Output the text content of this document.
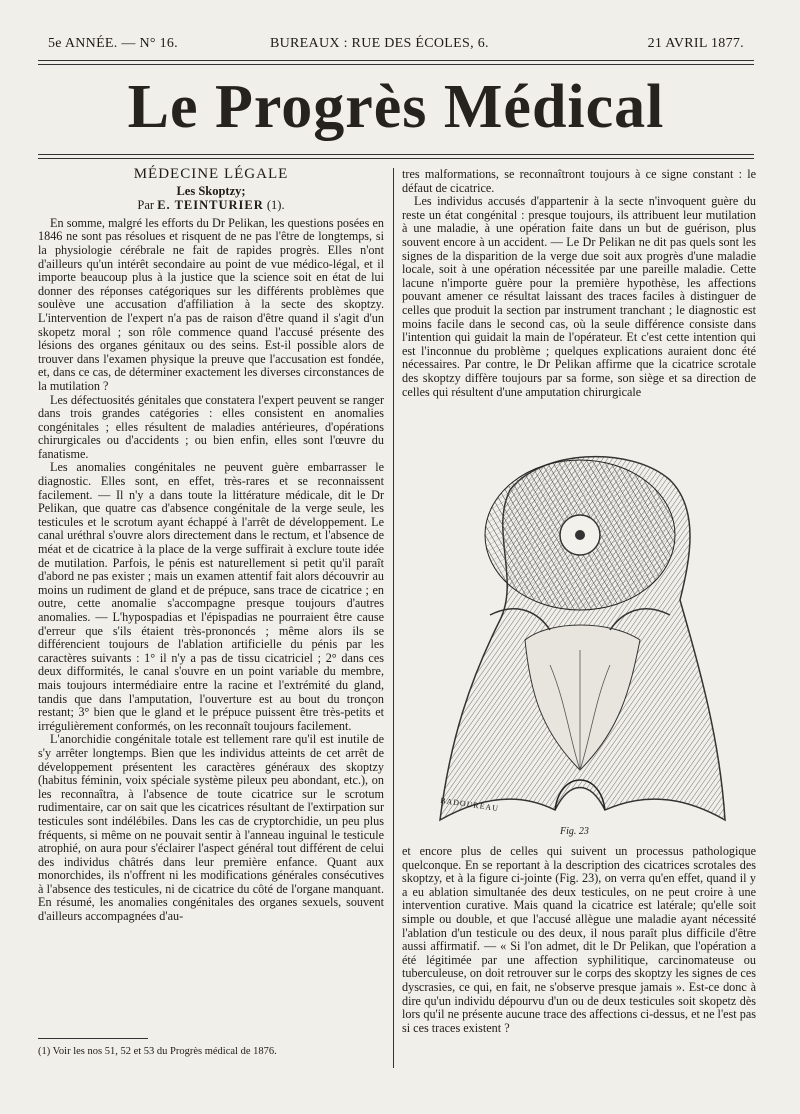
5e ANNÉE. — N° 16.	BUREAUX : RUE DES ÉCOLES, 6.	21 AVRIL 1877.
Le Progrès Médical
MÉDECINE LÉGALE
Les Skoptzy;
Par E. TEINTURIER (1).

En somme, malgré les efforts du Dr Pelikan, les questions posées en 1846 ne sont pas résolues et risquent de ne pas l'être de longtemps, si la physiologie cérébrale ne fait de rapides progrès. Elles n'ont d'ailleurs qu'un intérêt secondaire au point de vue médico-légal, et il importe beaucoup plus à la justice que la science soit en état de lui donner des réponses catégoriques sur les différents problèmes que soulève une accusation d'affiliation à la secte des skoptzy. L'intervention de l'expert n'a pas de raison d'être quand il s'agit d'un skopetz moral ; son rôle commence quand l'accusé présente des lésions des organes génitaux ou des seins. Est-il possible alors de trouver dans l'examen physique la preuve que l'accusation est fondée, et, dans ce cas, de déterminer exactement les diverses circonstances de la mutilation ?

Les défectuosités génitales que constatera l'expert peuvent se ranger dans trois grandes catégories : elles consistent en anomalies congénitales ; elles résultent de maladies antérieures, d'opérations chirurgicales ou d'accidents ; ou bien enfin, elles sont l'œuvre du fanatisme.

Les anomalies congénitales ne peuvent guère embarrasser le diagnostic. Elles sont, en effet, très-rares et se reconnaissent facilement. — Il n'y a dans toute la littérature médicale, dit le Dr Pelikan, que quatre cas d'absence congénitale de la verge seule, les testicules et le scrotum ayant échappé à l'arrêt de développement. Le canal uréthral s'ouvre alors directement dans le rectum, et l'absence de méat et de cicatrice à la place de la verge suffirait à exclure toute idée de mutilation. Parfois, le pénis est naturellement si petit qu'il paraît d'abord ne pas exister ; mais un examen attentif fait alors découvrir au moins un rudiment de gland et de prépuce, sans trace de cicatrice ; en outre, cette anomalie s'accompagne presque toujours d'autres anomalies. — L'hypospadias et l'épispadias ne pourraient être cause d'erreur que s'ils étaient très-prononcés ; même alors ils se différencient toujours de l'ablation artificielle du pénis par les caractères suivants : 1° il n'y a pas de tissu cicatriciel ; 2° dans ces deux difformités, le canal s'ouvre en un point variable du membre, mais toujours intermédiaire entre la racine et l'extrémité du gland, tandis que dans l'amputation, l'ouverture est au bout du tronçon restant; 3° bien que le gland et le prépuce puissent être très-petits et irrégulièrement conformés, on les reconnaît toujours facilement.

L'anorchidie congénitale totale est tellement rare qu'il est inutile de s'y arrêter longtemps. Bien que les individus atteints de cet arrêt de développement présentent les caractères généraux des skoptzy (habitus féminin, voix spéciale système pileux peu abondant, etc.), on les reconnaîtra, à l'absence de toute cicatrice sur le scrotum rudimentaire, car on sait que les cicatrices résultant de l'extirpation sur testicules sont indélébiles. Dans les cas de cryptorchidie, un peu plus fréquents, si même on ne pouvait sentir à l'anneau inguinal le testicule atrophié, on aura pour s'éclairer l'aspect général tout différent de celui des individus châtrés dans leur première enfance. Quant aux monorchides, ils n'offrent ni les modifications générales consécutives à l'absence des testicules, ni de cicatrice du côté de l'organe manquant. En résumé, les anomalies congénitales des organes sexuels, souvent d'ailleurs accompagnées d'au-

tres malformations, se reconnaîtront toujours à ce signe constant : le défaut de cicatrice.

Les individus accusés d'appartenir à la secte n'invoquent guère du reste un état congénital : presque toujours, ils attribuent leur mutilation à une maladie, à une opération faite dans un but de guérison, plus souvent encore à un accident. — Le Dr Pelikan ne dit pas quels sont les signes de la disparition de la verge due soit aux progrès d'une maladie locale, soit à une opération nécessitée par une pareille maladie. Cette lacune n'importe guère pour la première hypothèse, les affections pouvant amener ce résultat laissant des traces faciles à distinguer de celles que produit la section par instrument tranchant ; le diagnostic est moins facile dans le second cas, où la seule différence consiste dans l'intention qui guidait la main de l'opérateur. Et c'est cette intention qui est l'inconnue du problème ; quelques explications auraient donc été nécessaires. Par contre, le Dr Pelikan affirme que la cicatrice scrotale des skoptzy diffère toujours par sa forme, son siège et sa direction de celles qui résultent d'une amputation chirurgicale

BADOUREAU
Fig. 23

et encore plus de celles qui suivent un processus pathologique quelconque. En se reportant à la description des cicatrices scrotales des skoptzy, et à la figure ci-jointe (Fig. 23), on verra qu'en effet, quand il y a eu ablation simultanée des deux testicules, on ne peut croire à une intervention curative. Mais quand la cicatrice est latérale; qu'elle soit simple ou double, et que l'accusé allègue une maladie ayant nécessité l'ablation d'un testicule ou des deux, il nous paraît plus difficile d'être aussi affirmatif. — « Si l'on admet, dit le Dr Pelikan, que l'opération a été légitimée par une affection syphilitique, carcinomateuse ou tuberculeuse, on doit retrouver sur le corps des skoptzy les signes de ces dyscrasies, ce qui, en fait, ne s'observe presque jamais ». Est-ce donc à dire qu'un individu dépourvu d'un ou de deux testicules soit skopetz dès lors qu'il ne présente aucune trace des affections ci-dessus, et ne l'est pas si ces traces existent ?

(1) Voir les nos 51, 52 et 53 du Progrès médical de 1876.
